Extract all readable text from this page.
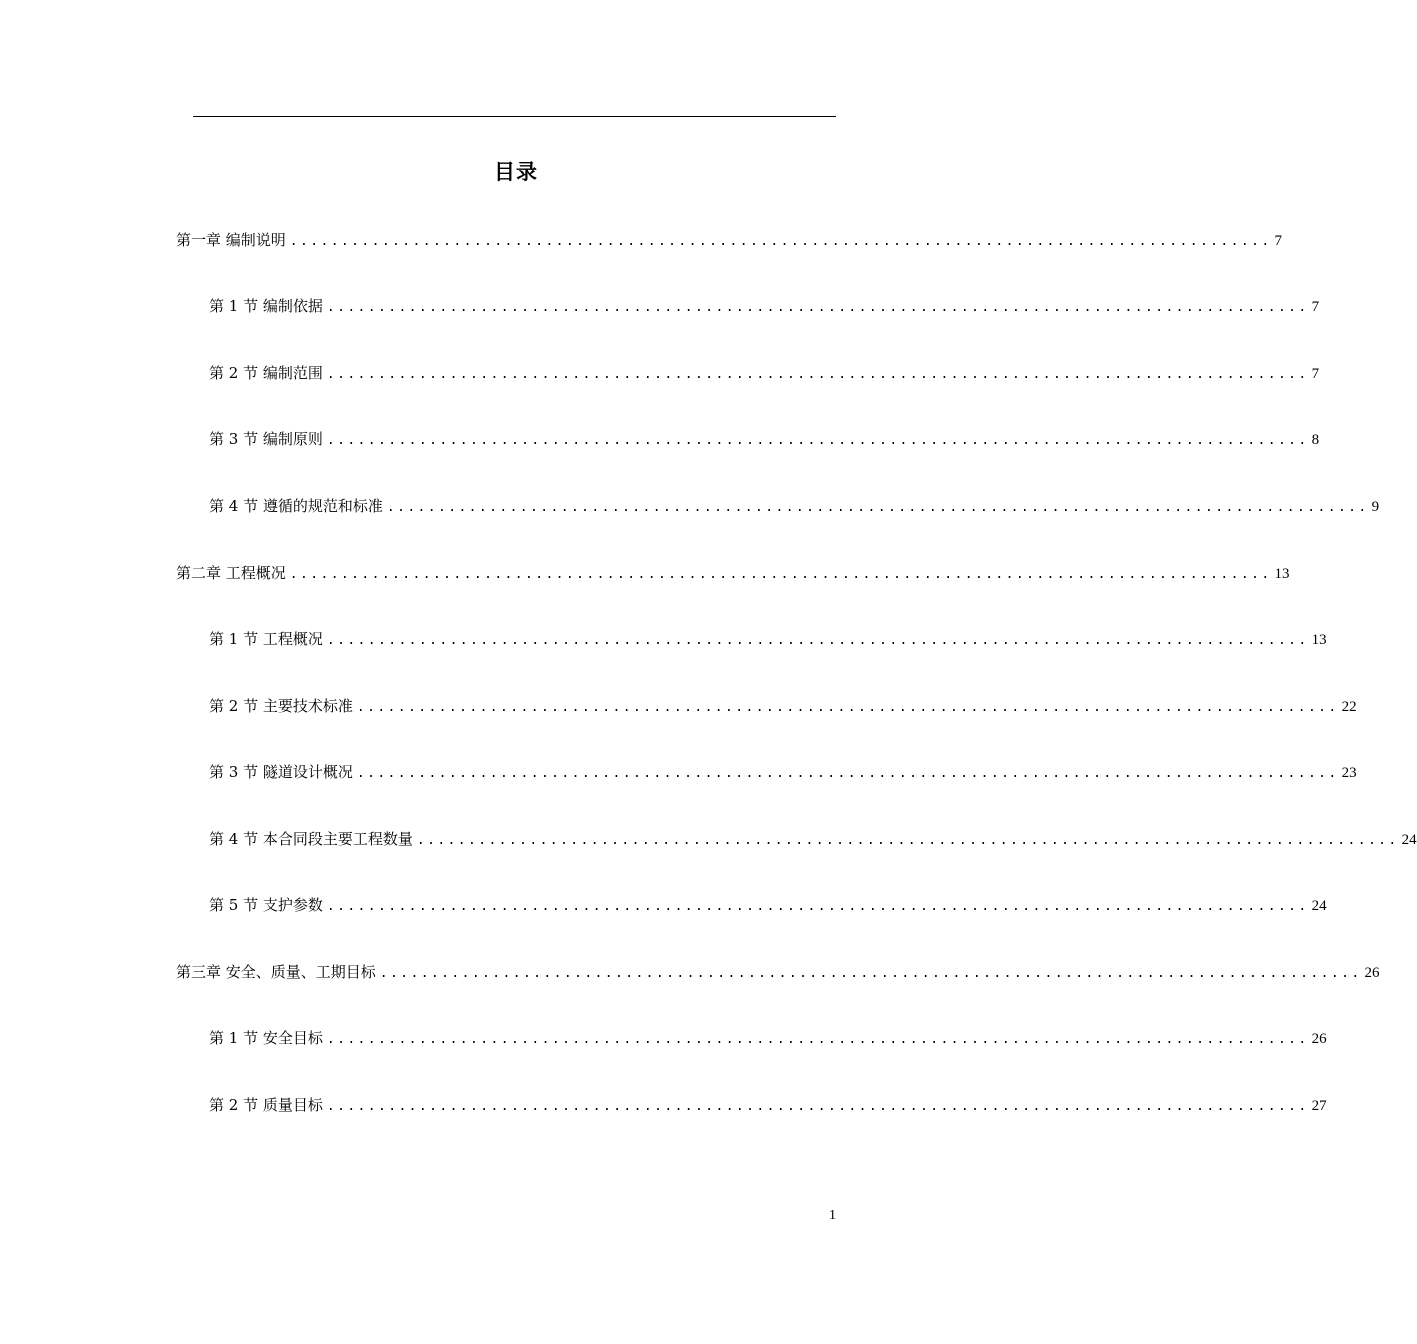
目录
第一章 编制说明 ................................................................................................ 7
第 1 节 编制依据 ................................................................................................ 7
第 2 节 编制范围 ................................................................................................ 7
第 3 节 编制原则 ................................................................................................ 8
第 4 节 遵循的规范和标准 ................................................................................................ 9
第二章 工程概况 ................................................................................................ 13
第 1 节 工程概况 ................................................................................................ 13
第 2 节 主要技术标准 ................................................................................................ 22
第 3 节 隧道设计概况 ................................................................................................ 23
第 4 节 本合同段主要工程数量 ................................................................................................ 24
第 5 节 支护参数 ................................................................................................ 24
第三章 安全、质量、工期目标 ................................................................................................ 26
第 1 节 安全目标 ................................................................................................ 26
第 2 节 质量目标 ................................................................................................ 27
1
